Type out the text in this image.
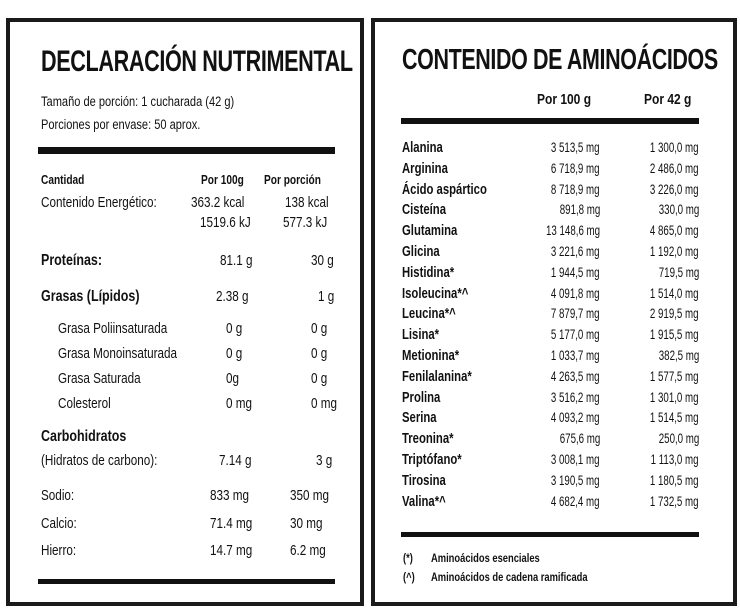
DECLARACIÓN NUTRIMENTAL
Tamaño de porción: 1 cucharada (42 g)
Porciones por envase: 50 aprox.
Cantidad	Por 100g	Por porción
Contenido Energético:	363.2 kcal	138 kcal
1519.6 kJ	577.3 kJ
Proteínas:	81.1 g	30 g
Grasas (Lípidos)	2.38 g	1 g
Grasa Poliinsaturada	0 g	0 g
Grasa Monoinsaturada	0 g	0 g
Grasa Saturada	0g	0 g
Colesterol	0 mg	0 mg
Carbohidratos
(Hidratos de carbono):	7.14 g	3 g
Sodio:	833 mg	350 mg
Calcio:	71.4 mg	30 mg
Hierro:	14.7 mg	6.2 mg
CONTENIDO DE AMINOÁCIDOS
Por 100 g	Por 42 g
Alanina	3 513,5 mg	1 300,0 mg
Arginina	6 718,9 mg	2 486,0 mg
Ácido aspártico	8 718,9 mg	3 226,0 mg
Cisteína	891,8 mg	330,0 mg
Glutamina	13 148,6 mg	4 865,0 mg
Glicina	3 221,6 mg	1 192,0 mg
Histidina*	1 944,5 mg	719,5 mg
Isoleucina*^	4 091,8 mg	1 514,0 mg
Leucina*^	7 879,7 mg	2 919,5 mg
Lisina*	5 177,0 mg	1 915,5 mg
Metionina*	1 033,7 mg	382,5 mg
Fenilalanina*	4 263,5 mg	1 577,5 mg
Prolina	3 516,2 mg	1 301,0 mg
Serina	4 093,2 mg	1 514,5 mg
Treonina*	675,6 mg	250,0 mg
Triptófano*	3 008,1 mg	1 113,0 mg
Tirosina	3 190,5 mg	1 180,5 mg
Valina*^	4 682,4 mg	1 732,5 mg
(*) Aminoácidos esenciales
(^) Aminoácidos de cadena ramificada
